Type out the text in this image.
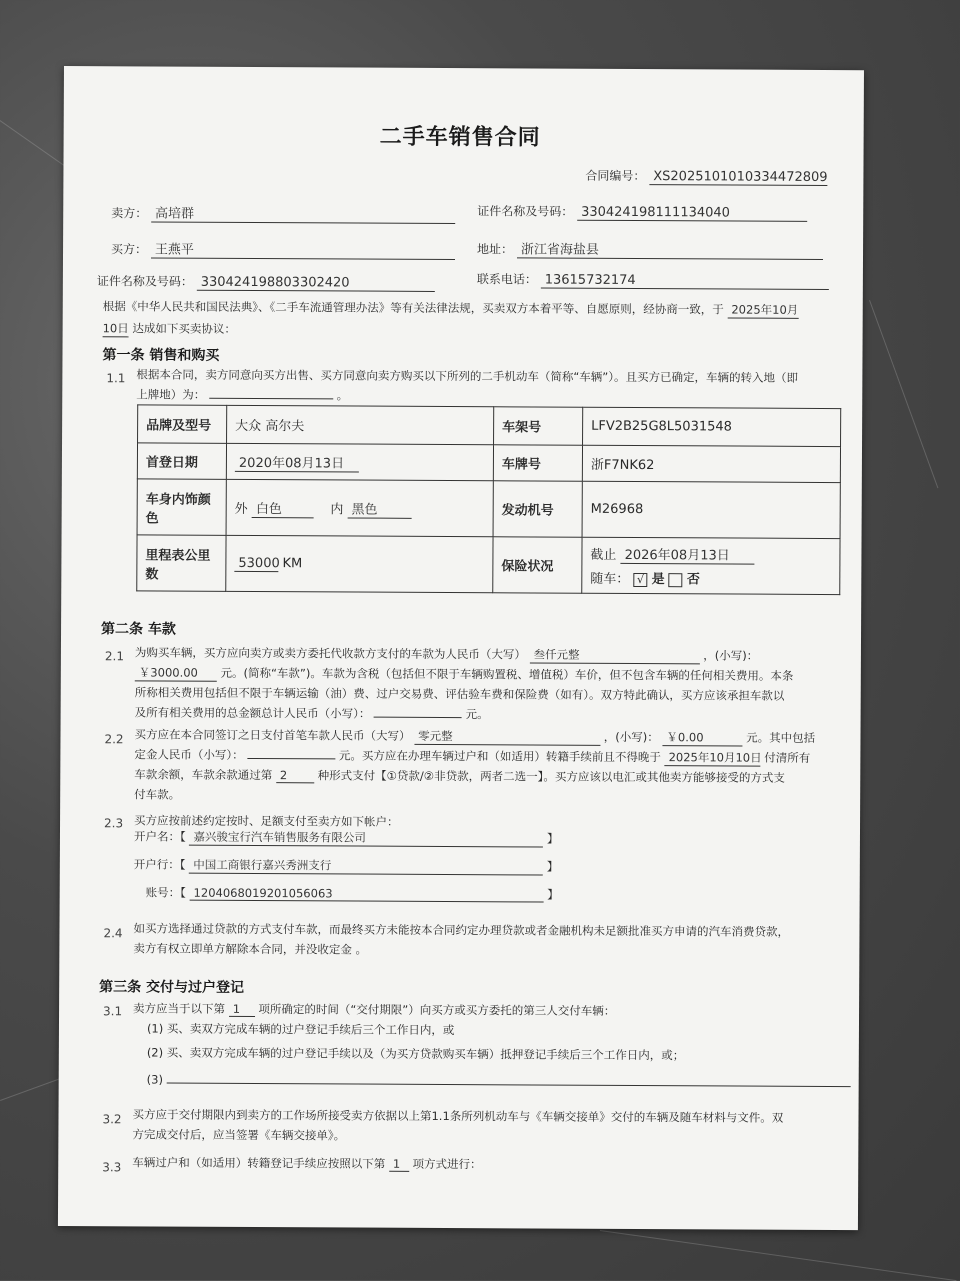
二手车销售合同
合同编号： XS2025101010334472809
卖方： 高培群	证件名称及号码： 330424198111134040
买方： 王燕平	地址： 浙江省海盐县
证件名称及号码： 330424198803302420	联系电话： 13615732174
根据《中华人民共和国民法典》、《二手车流通管理办法》等有关法律法规，买卖双方本着平等、自愿原则，经协商一致，于 2025年10月
10日 达成如下买卖协议：
第一条 销售和购买
1.1 根据本合同，卖方同意向买方出售、买方同意向卖方购买以下所列的二手机动车（简称“车辆”）。且买方已确定，车辆的转入地（即
上牌地）为：	。
品牌及型号	大众 高尔夫	车架号	LFV2B25G8L5031548
首登日期	2020年08月13日	车牌号	浙F7NK62
车身内饰颜色	外 白色 内 黑色	发动机号	M26968
里程表公里数	53000 KM	保险状况	截止 2026年08月13日
随车： √ 是 否
第二条 车款
2.1 为购买车辆，买方应向卖方或卖方委托代收款方支付的车款为人民币（大写） 叁仟元整	，(小写)：
￥3000.00 元。(简称“车款”)。车款为含税（包括但不限于车辆购置税、增值税）车价，但不包含车辆的任何相关费用。本条
所称相关费用包括但不限于车辆运输（油）费、过户交易费、评估验车费和保险费（如有）。双方特此确认，买方应该承担车款以
及所有相关费用的总金额总计人民币（小写）：	元。
2.2 买方应在本合同签订之日支付首笔车款人民币（大写） 零元整	，(小写)： ￥0.00	元。其中包括
定金人民币（小写）：	元。买方应在办理车辆过户和（如适用）转籍手续前且不得晚于 2025年10月10日 付清所有
车款余额，车款余款通过第 2	种形式支付【①贷款/②非贷款，两者二选一】。买方应该以电汇或其他卖方能够接受的方式支
付车款。
2.3 买方应按前述约定按时、足额支付至卖方如下帐户：
开户名：【 嘉兴骏宝行汽车销售服务有限公司	】
开户行：【 中国工商银行嘉兴秀洲支行	】
账号：【 1204068019201056063	】
2.4 如买方选择通过贷款的方式支付车款，而最终买方未能按本合同约定办理贷款或者金融机构未足额批准买方申请的汽车消费贷款，
卖方有权立即单方解除本合同，并没收定金 。
第三条 交付与过户登记
3.1 卖方应当于以下第 1 项所确定的时间（“交付期限”）向买方或买方委托的第三人交付车辆：
(1) 买、卖双方完成车辆的过户登记手续后三个工作日内，或
(2) 买、卖双方完成车辆的过户登记手续以及（为买方贷款购买车辆）抵押登记手续后三个工作日内，或；
(3)
3.2 买方应于交付期限内到卖方的工作场所接受卖方依据以上第1.1条所列机动车与《车辆交接单》交付的车辆及随车材料与文件。双
方完成交付后，应当签署《车辆交接单》。
3.3 车辆过户和（如适用）转籍登记手续应按照以下第 1 项方式进行：
